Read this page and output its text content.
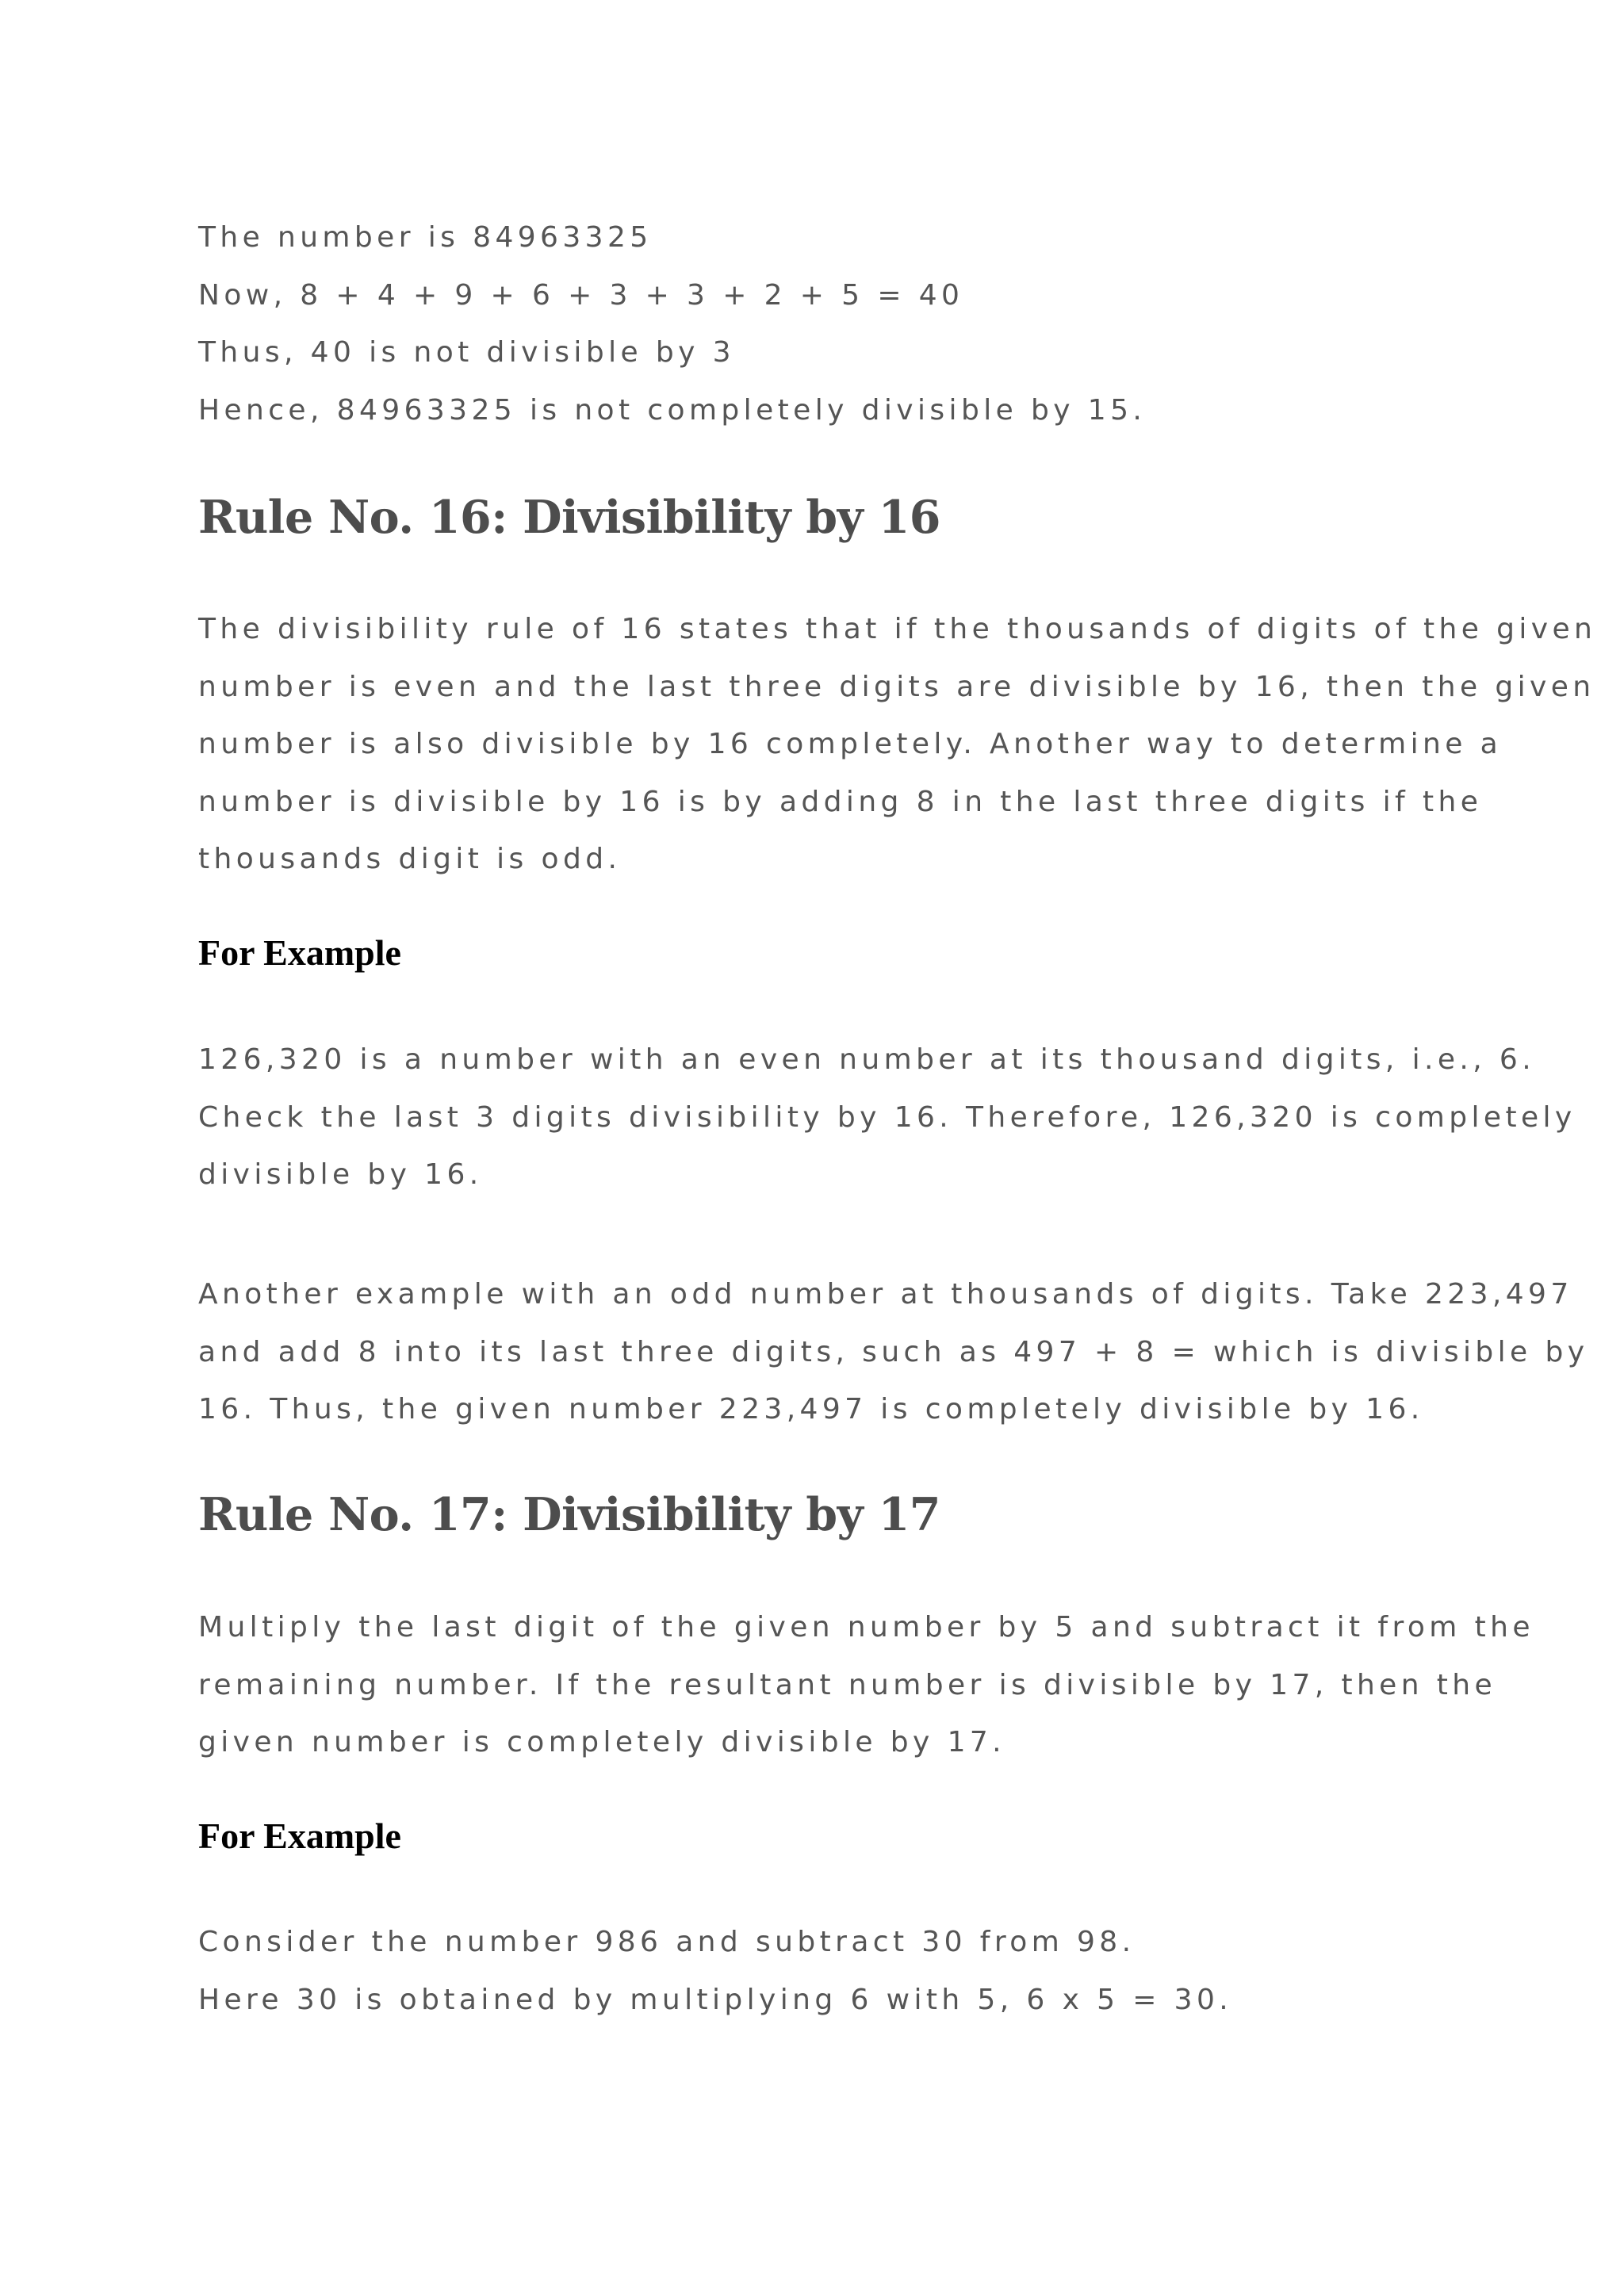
The number is 84963325
Now, 8 + 4 + 9 + 6 + 3 + 3 + 2 + 5 = 40
Thus, 40 is not divisible by 3
Hence, 84963325 is not completely divisible by 15.
Rule No. 16: Divisibility by 16
The divisibility rule of 16 states that if the thousands of digits of the given
number is even and the last three digits are divisible by 16, then the given
number is also divisible by 16 completely. Another way to determine a
number is divisible by 16 is by adding 8 in the last three digits if the
thousands digit is odd.
For Example
126,320 is a number with an even number at its thousand digits, i.e., 6.
Check the last 3 digits divisibility by 16. Therefore, 126,320 is completely
divisible by 16.
Another example with an odd number at thousands of digits. Take 223,497
and add 8 into its last three digits, such as 497 + 8 = which is divisible by
16. Thus, the given number 223,497 is completely divisible by 16.
Rule No. 17: Divisibility by 17
Multiply the last digit of the given number by 5 and subtract it from the
remaining number. If the resultant number is divisible by 17, then the
given number is completely divisible by 17.
For Example
Consider the number 986 and subtract 30 from 98.
Here 30 is obtained by multiplying 6 with 5, 6 x 5 = 30.
